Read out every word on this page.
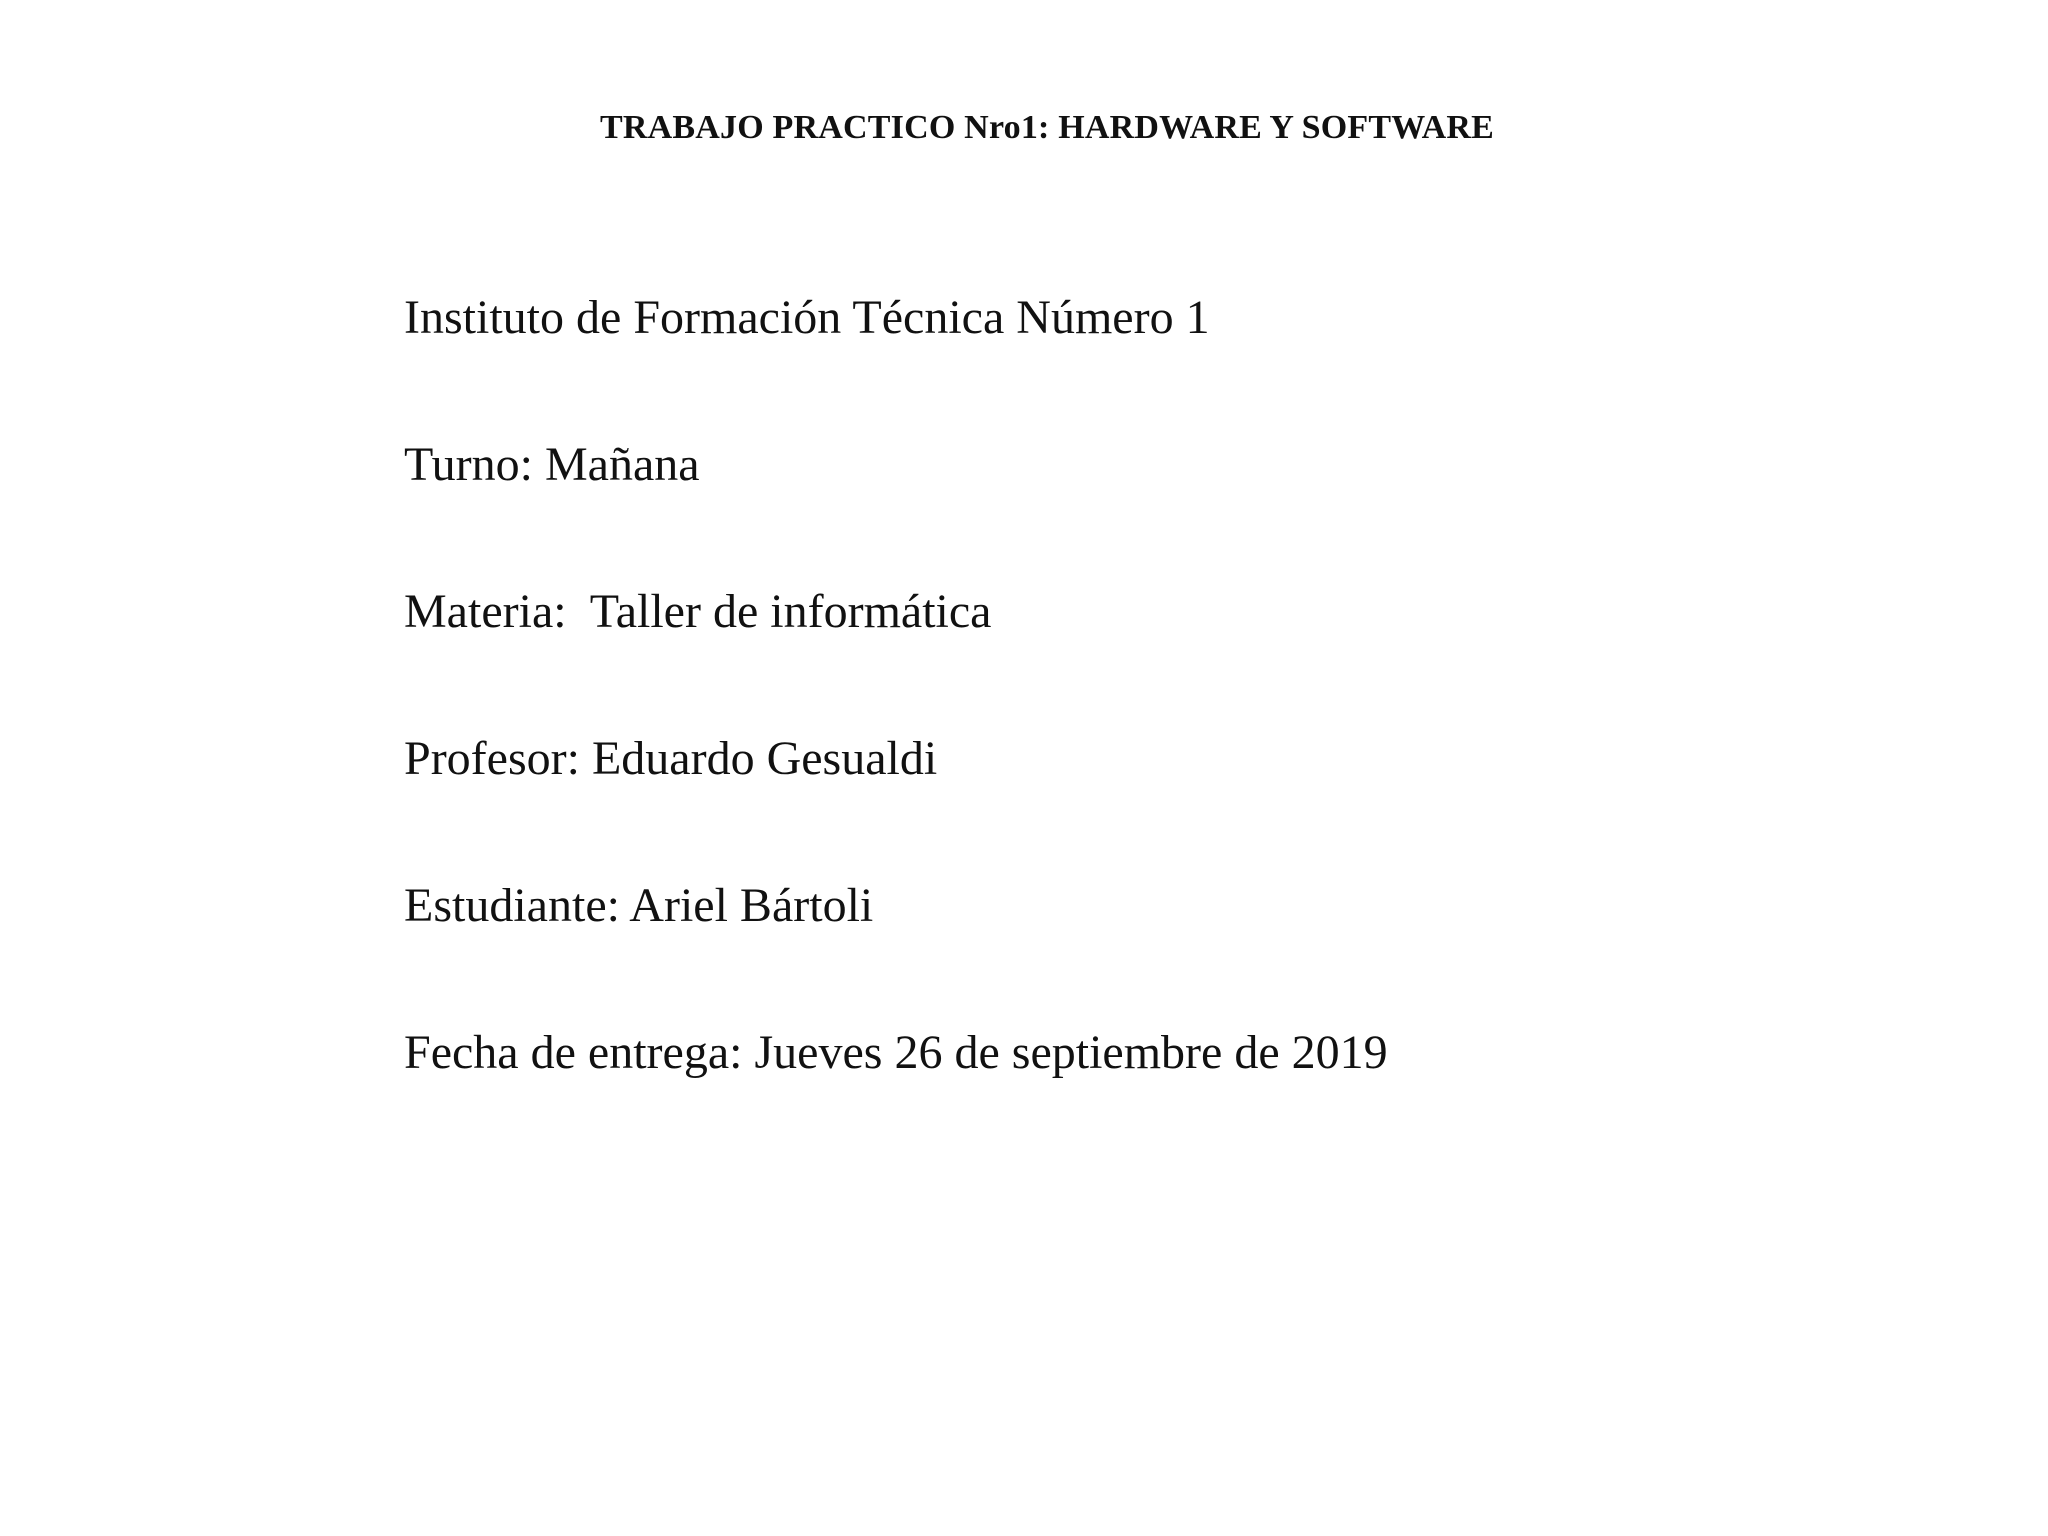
TRABAJO PRACTICO Nro1: HARDWARE Y SOFTWARE
Instituto de Formación Técnica Número 1
Turno: Mañana
Materia:  Taller de informática
Profesor: Eduardo Gesualdi
Estudiante: Ariel Bártoli
Fecha de entrega: Jueves 26 de septiembre de 2019
